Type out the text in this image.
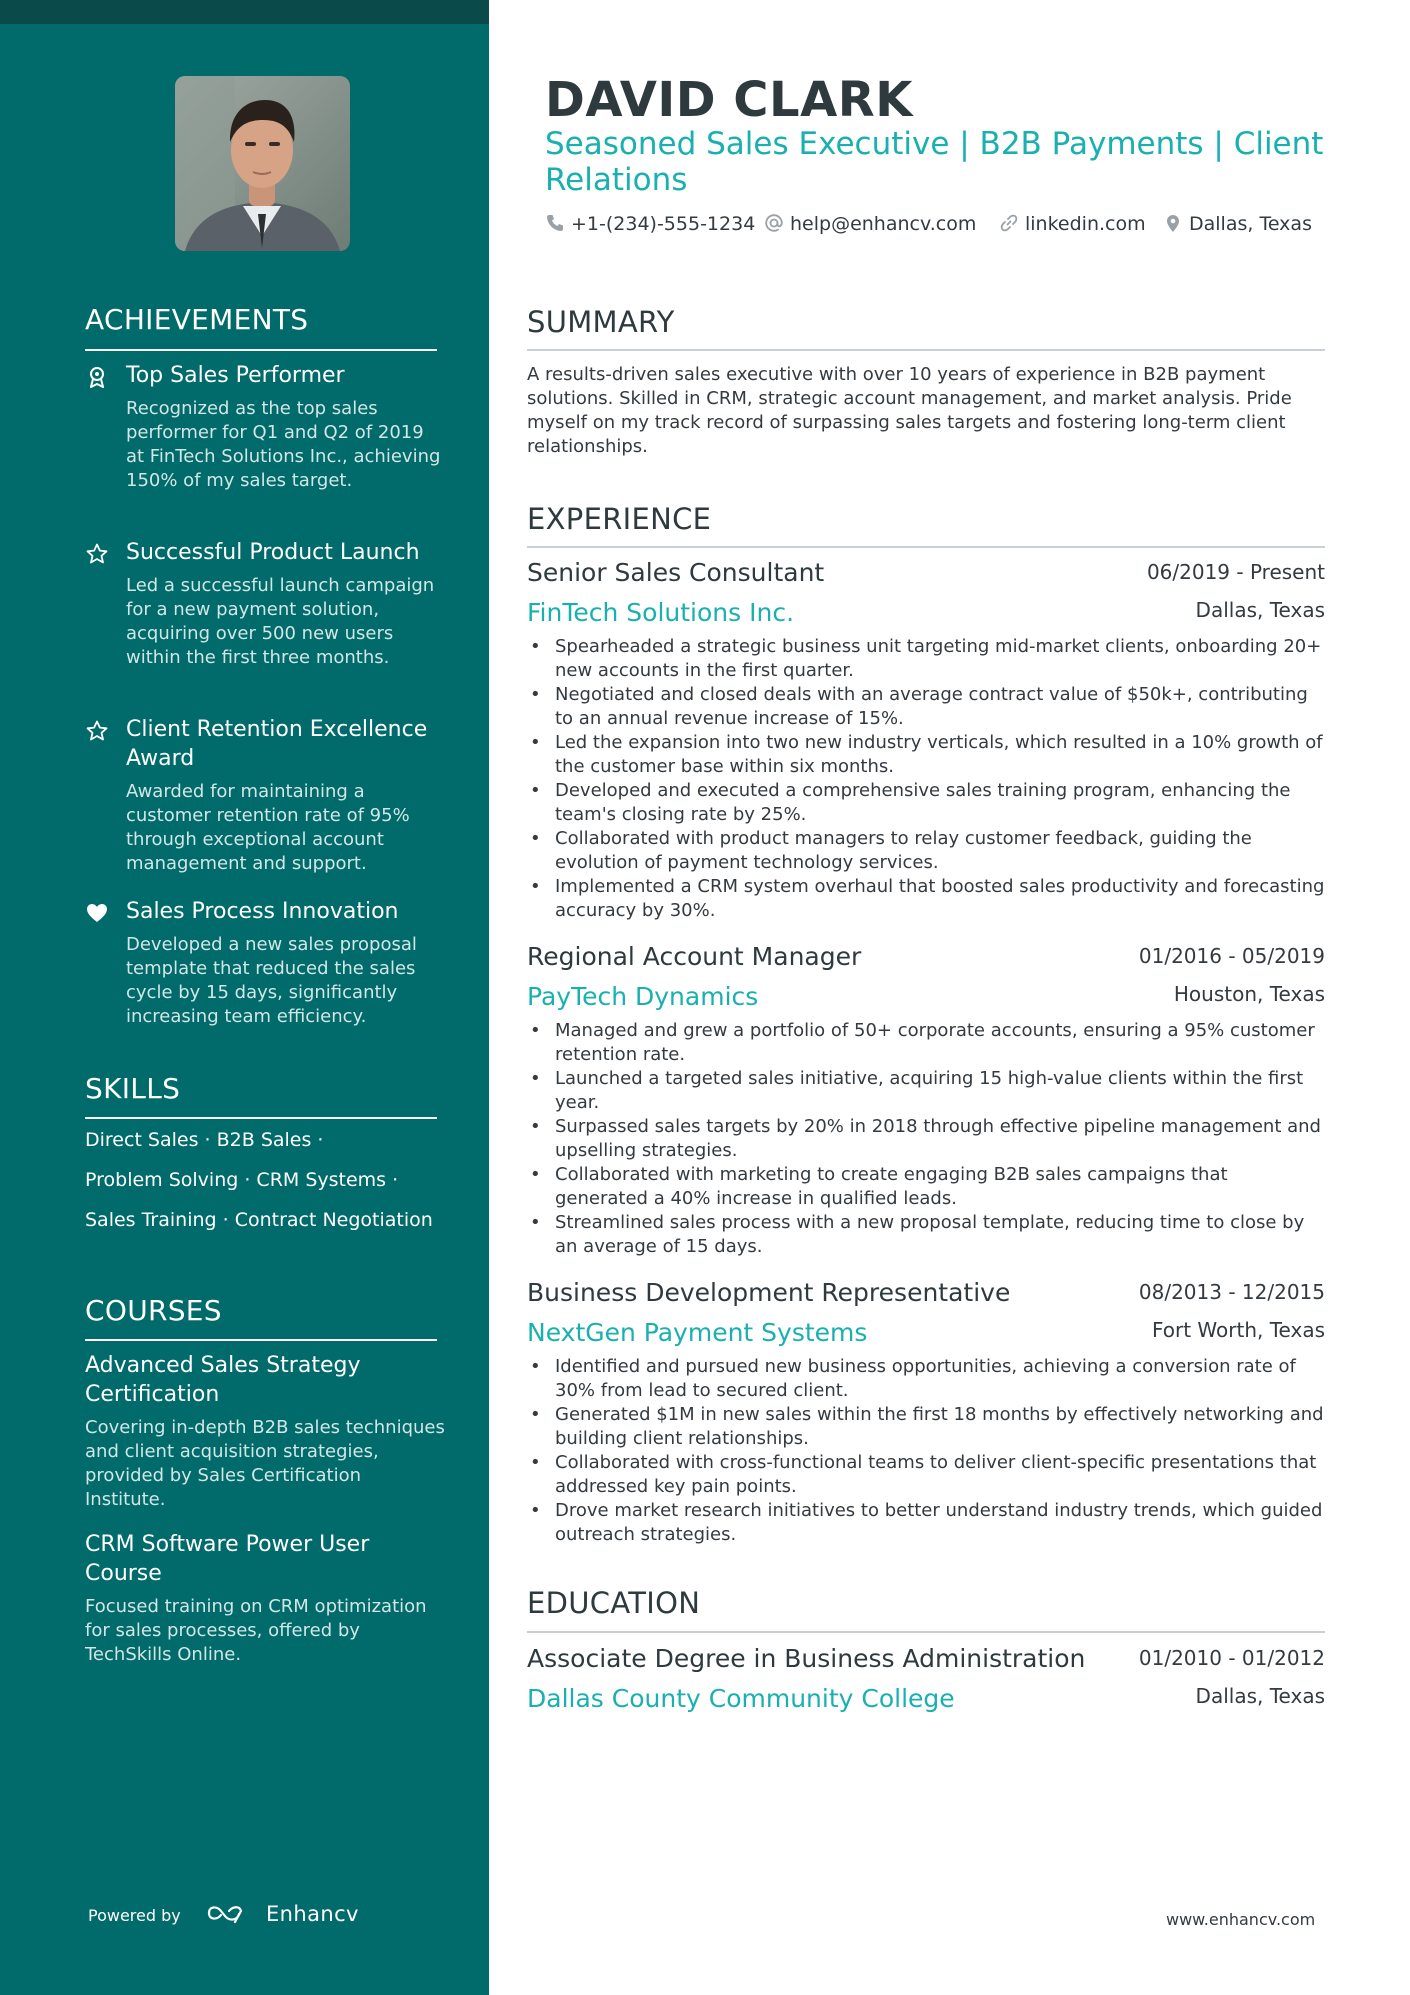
ACHIEVEMENTS
Top Sales Performer
Recognized as the top sales performer for Q1 and Q2 of 2019 at FinTech Solutions Inc., achieving 150% of my sales target.
Successful Product Launch
Led a successful launch campaign for a new payment solution, acquiring over 500 new users within the first three months.
Client Retention Excellence Award
Awarded for maintaining a customer retention rate of 95% through exceptional account management and support.
Sales Process Innovation
Developed a new sales proposal template that reduced the sales cycle by 15 days, significantly increasing team efficiency.
SKILLS
Direct Sales · B2B Sales ·
Problem Solving · CRM Systems ·
Sales Training · Contract Negotiation
COURSES
Advanced Sales Strategy Certification
Covering in-depth B2B sales techniques and client acquisition strategies, provided by Sales Certification Institute.
CRM Software Power User Course
Focused training on CRM optimization for sales processes, offered by TechSkills Online.
Powered by	Enhancv
DAVID CLARK
Seasoned Sales Executive | B2B Payments | Client Relations
+1-(234)-555-1234	help@enhancv.com	linkedin.com	Dallas, Texas
SUMMARY
A results-driven sales executive with over 10 years of experience in B2B payment solutions. Skilled in CRM, strategic account management, and market analysis. Pride myself on my track record of surpassing sales targets and fostering long-term client relationships.
EXPERIENCE
Senior Sales Consultant	06/2019 - Present
FinTech Solutions Inc.	Dallas, Texas
• Spearheaded a strategic business unit targeting mid-market clients, onboarding 20+ new accounts in the first quarter.
• Negotiated and closed deals with an average contract value of $50k+, contributing to an annual revenue increase of 15%.
• Led the expansion into two new industry verticals, which resulted in a 10% growth of the customer base within six months.
• Developed and executed a comprehensive sales training program, enhancing the team's closing rate by 25%.
• Collaborated with product managers to relay customer feedback, guiding the evolution of payment technology services.
• Implemented a CRM system overhaul that boosted sales productivity and forecasting accuracy by 30%.
Regional Account Manager	01/2016 - 05/2019
PayTech Dynamics	Houston, Texas
• Managed and grew a portfolio of 50+ corporate accounts, ensuring a 95% customer retention rate.
• Launched a targeted sales initiative, acquiring 15 high-value clients within the first year.
• Surpassed sales targets by 20% in 2018 through effective pipeline management and upselling strategies.
• Collaborated with marketing to create engaging B2B sales campaigns that generated a 40% increase in qualified leads.
• Streamlined sales process with a new proposal template, reducing time to close by an average of 15 days.
Business Development Representative	08/2013 - 12/2015
NextGen Payment Systems	Fort Worth, Texas
• Identified and pursued new business opportunities, achieving a conversion rate of 30% from lead to secured client.
• Generated $1M in new sales within the first 18 months by effectively networking and building client relationships.
• Collaborated with cross-functional teams to deliver client-specific presentations that addressed key pain points.
• Drove market research initiatives to better understand industry trends, which guided outreach strategies.
EDUCATION
Associate Degree in Business Administration	01/2010 - 01/2012
Dallas County Community College	Dallas, Texas
www.enhancv.com
